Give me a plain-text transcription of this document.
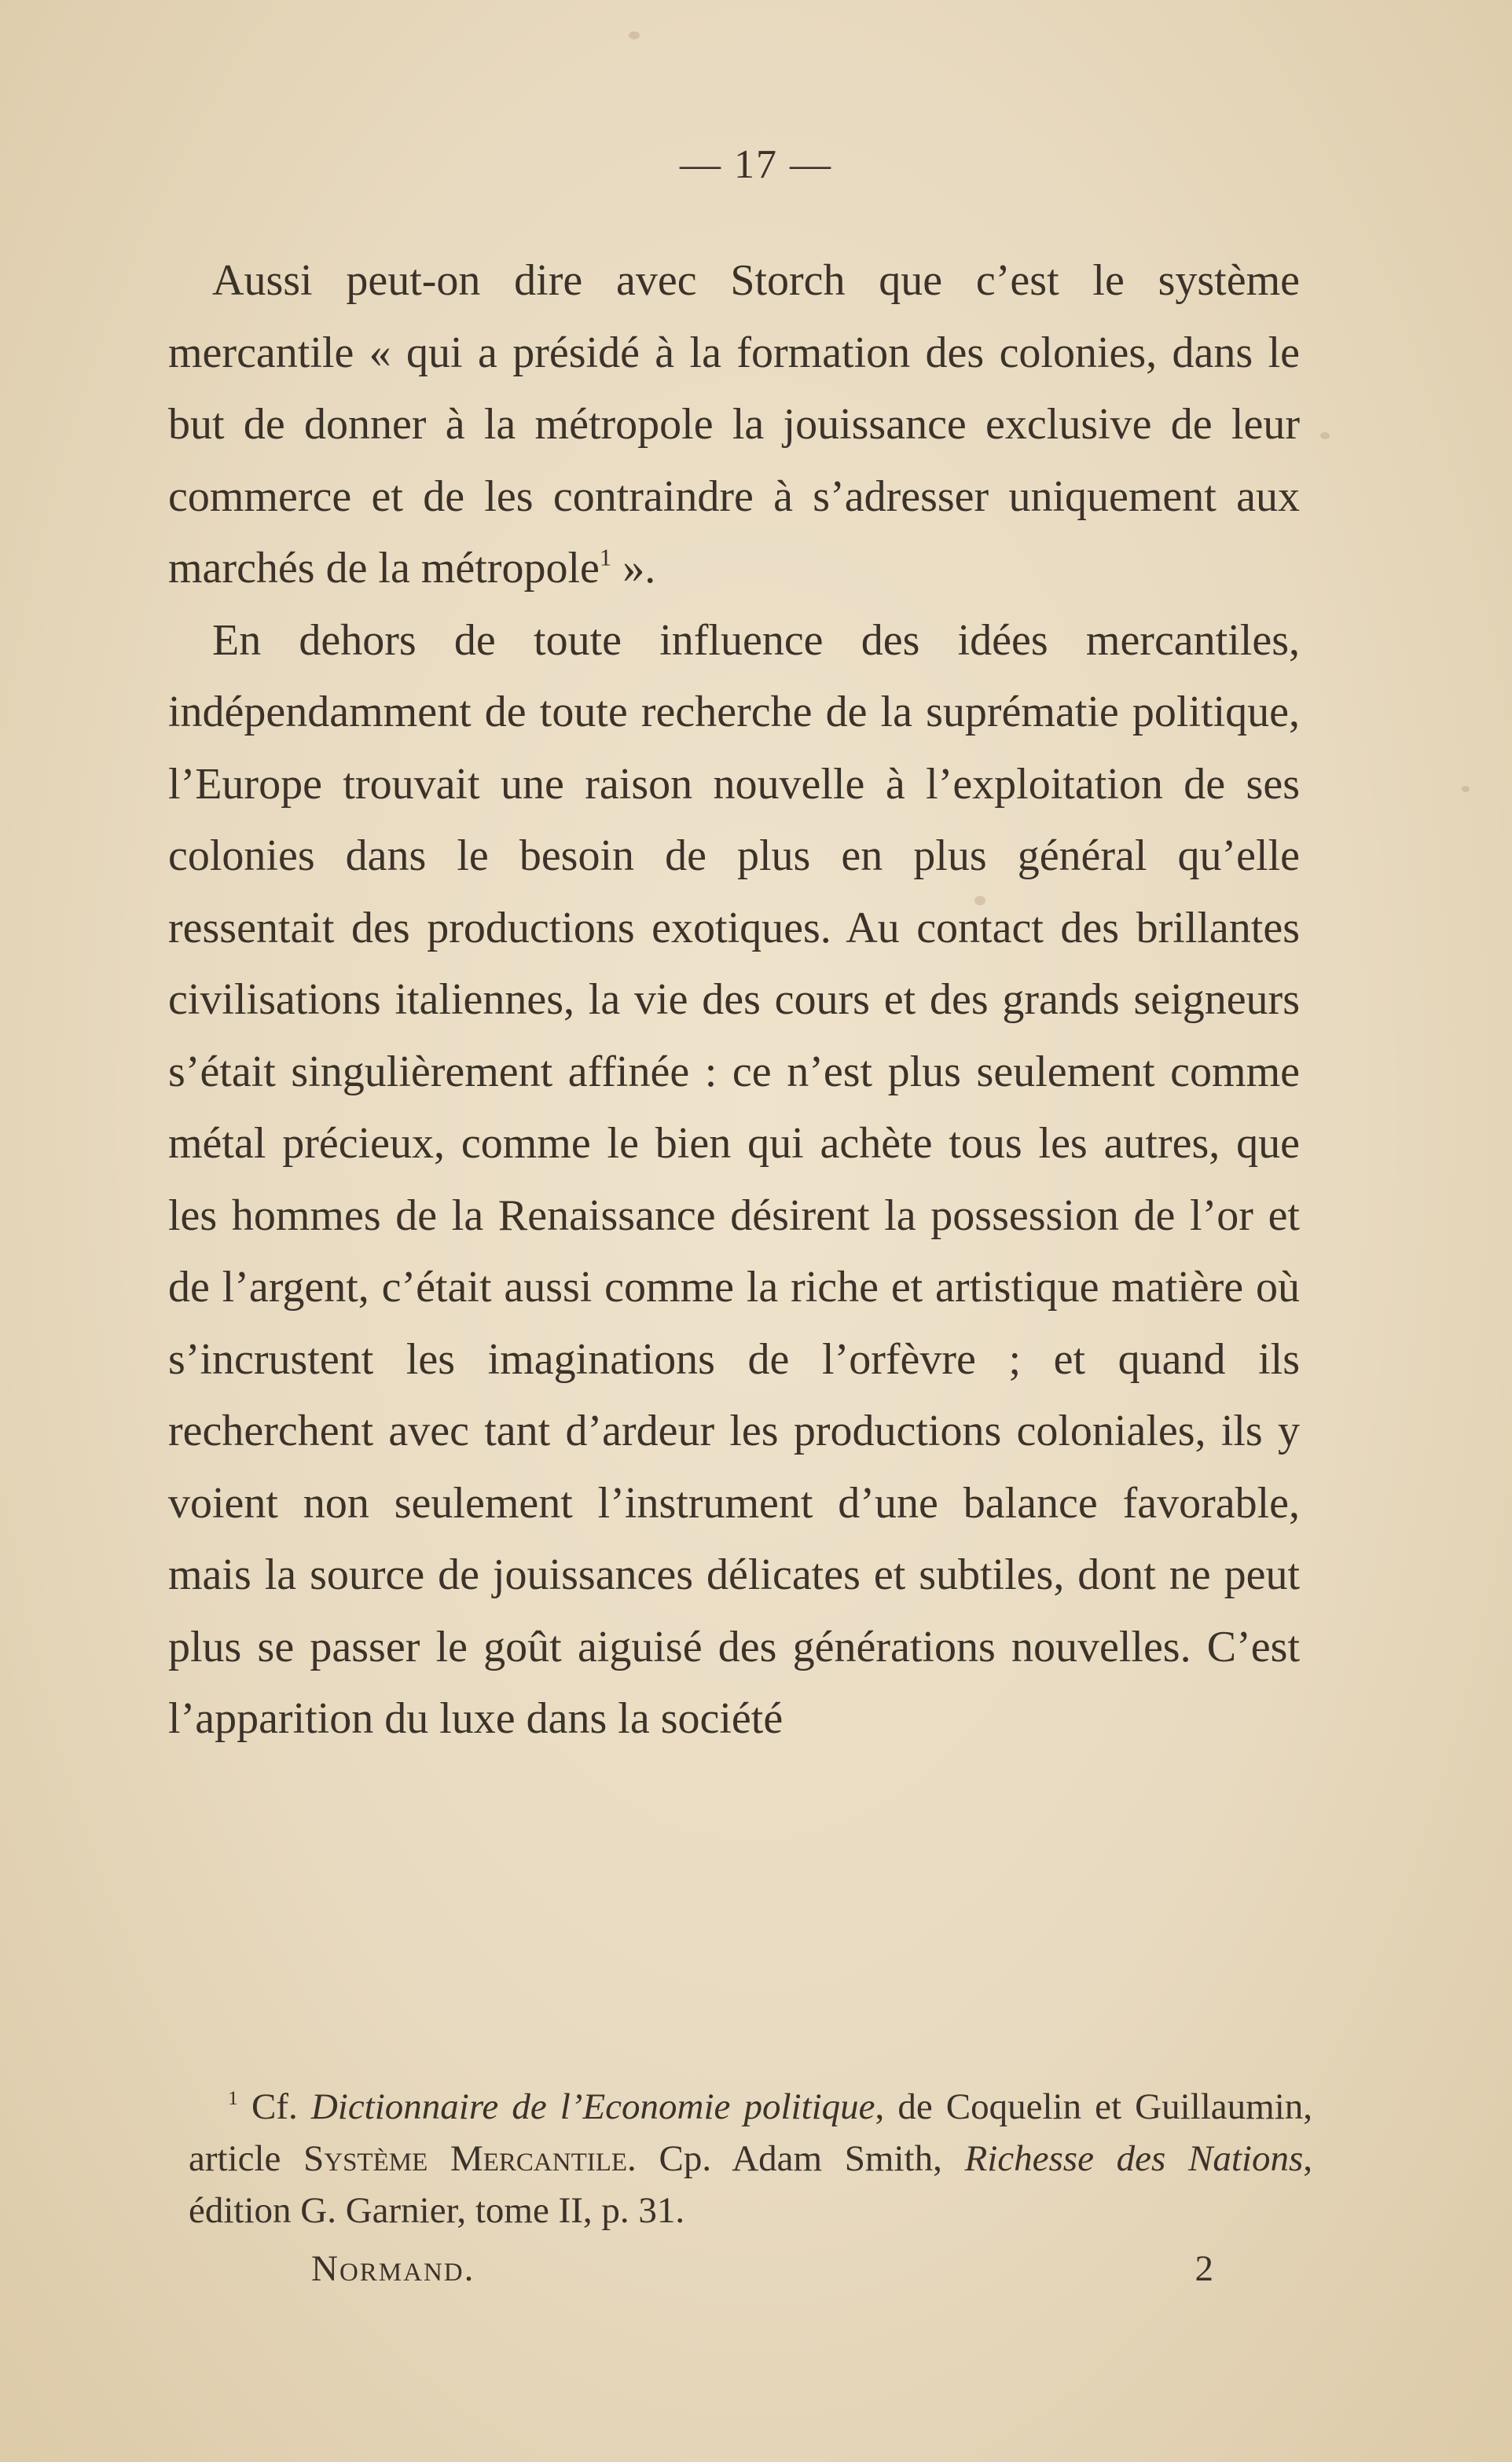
— 17 —

Aussi peut-on dire avec Storch que c’est le système mercantile « qui a présidé à la formation des colonies, dans le but de donner à la métropole la jouissance exclusive de leur commerce et de les contraindre à s’adresser uniquement aux marchés de la métropole$^1$ ».

En dehors de toute influence des idées mercantiles, indépendamment de toute recherche de la suprématie politique, l’Europe trouvait une raison nouvelle à l’exploitation de ses colonies dans le besoin de plus en plus général qu’elle ressentait des productions exotiques. Au contact des brillantes civilisations italiennes, la vie des cours et des grands seigneurs s’était singulièrement affinée : ce n’est plus seulement comme métal précieux, comme le bien qui achète tous les autres, que les hommes de la Renaissance désirent la possession de l’or et de l’argent, c’était aussi comme la riche et artistique matière où s’incrustent les imaginations de l’orfèvre ; et quand ils recherchent avec tant d’ardeur les productions coloniales, ils y voient non seulement l’instrument d’une balance favorable, mais la source de jouissances délicates et subtiles, dont ne peut plus se passer le goût aiguisé des générations nouvelles. C’est l’apparition du luxe dans la société

$^1$ Cf. Dictionnaire de l’Economie politique, de Coquelin et Guillaumin, article Système Mercantile. Cp. Adam Smith, Richesse des Nations, édition G. Garnier, tome II, p. 31.

Normand.	2
